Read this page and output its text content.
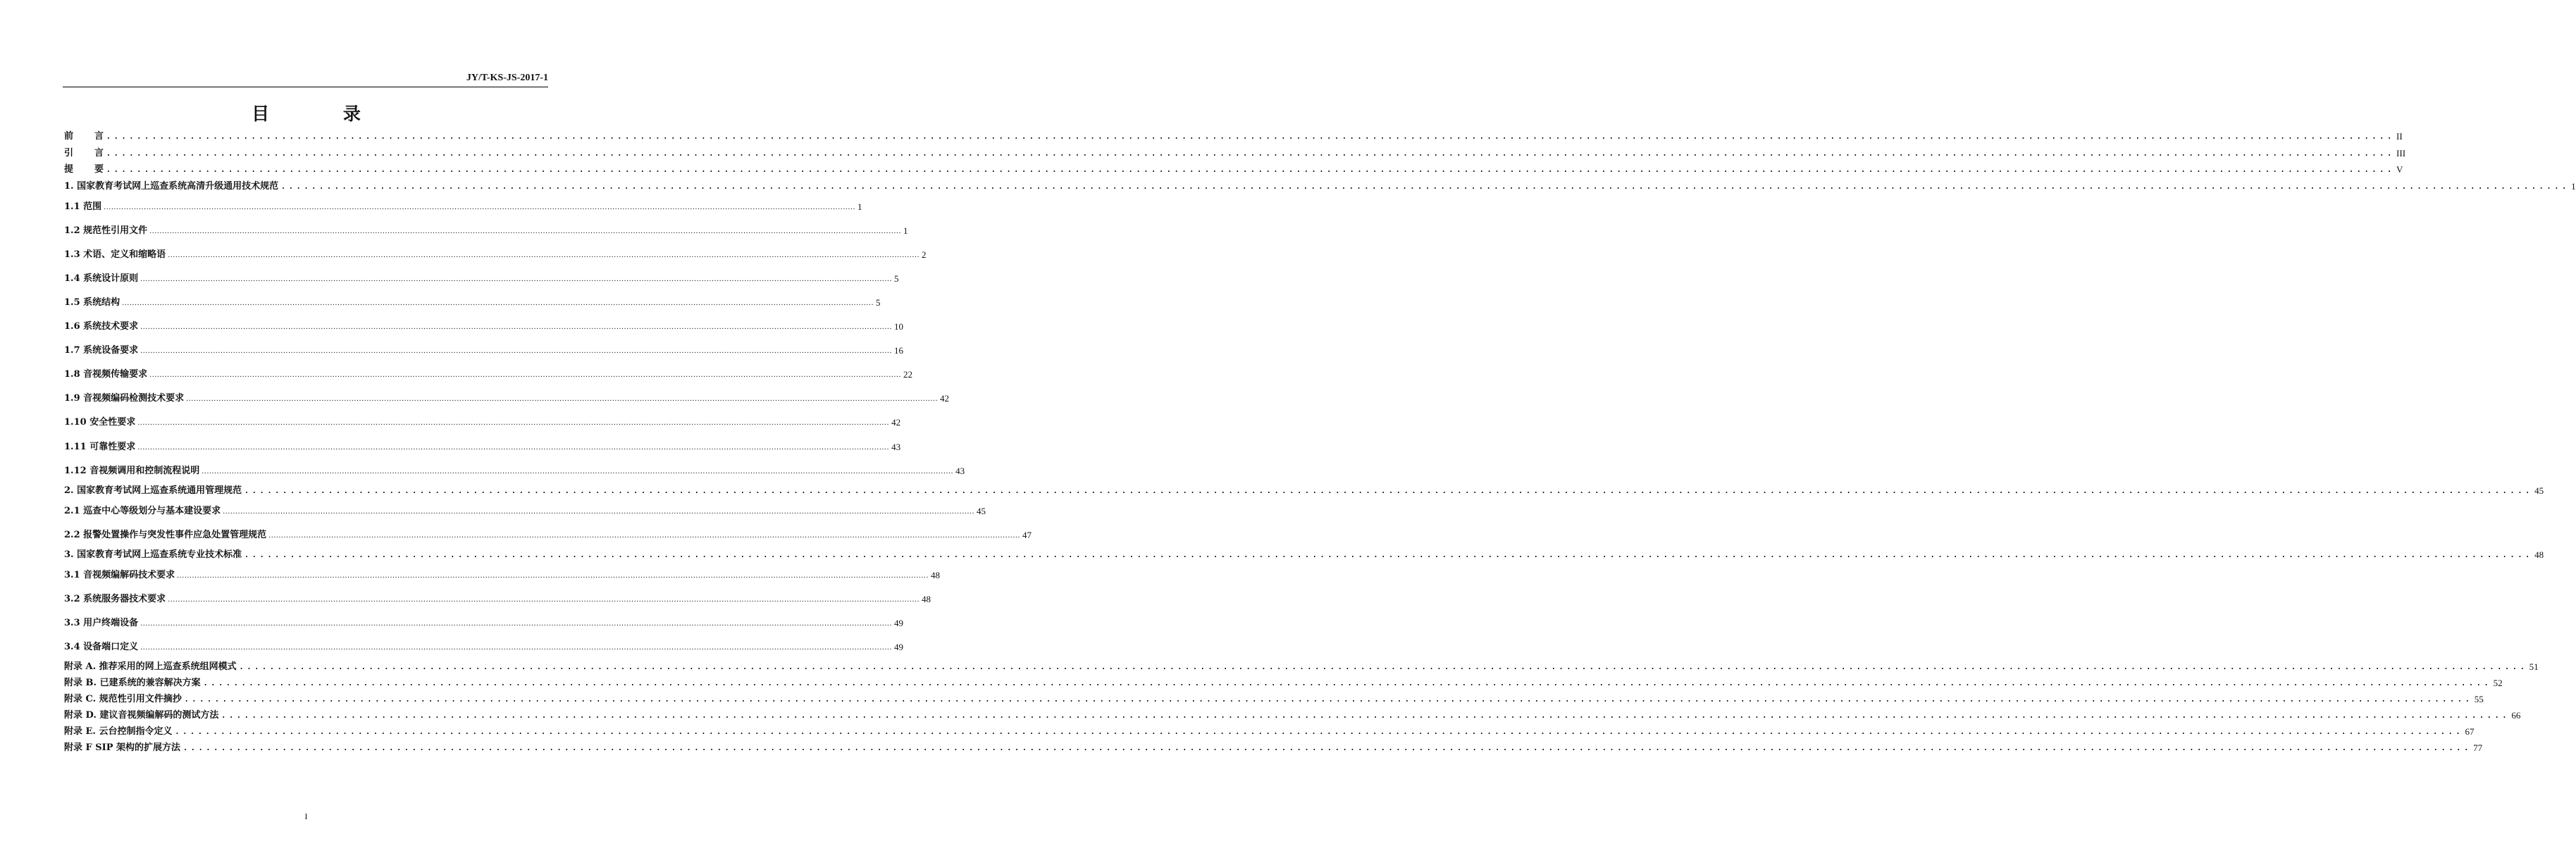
JY/T-KS-JS-2017-1
目 录
前 言 ............................................................................................................................................................................................................................................................................................................ II
引 言 ............................................................................................................................................................................................................................................................................................................ III
提 要 ............................................................................................................................................................................................................................................................................................................ V
1. 国家教育考试网上巡查系统高清升级通用技术规范 ............................................................................................................................................................................................................................................................................................................ 1
1.1 范围 ............................................................................................................................................................................................................................................................................................................ 1
1.2 规范性引用文件 ............................................................................................................................................................................................................................................................................................................ 1
1.3 术语、定义和缩略语 ............................................................................................................................................................................................................................................................................................................ 2
1.4 系统设计原则 ............................................................................................................................................................................................................................................................................................................ 5
1.5 系统结构 ............................................................................................................................................................................................................................................................................................................ 5
1.6 系统技术要求 ............................................................................................................................................................................................................................................................................................................ 10
1.7 系统设备要求 ............................................................................................................................................................................................................................................................................................................ 16
1.8 音视频传输要求 ............................................................................................................................................................................................................................................................................................................ 22
1.9 音视频编码检测技术要求 ............................................................................................................................................................................................................................................................................................................ 42
1.10 安全性要求 ............................................................................................................................................................................................................................................................................................................ 42
1.11 可靠性要求 ............................................................................................................................................................................................................................................................................................................ 43
1.12 音视频调用和控制流程说明 ............................................................................................................................................................................................................................................................................................................ 43
2. 国家教育考试网上巡查系统通用管理规范 ............................................................................................................................................................................................................................................................................................................ 45
2.1 巡查中心等级划分与基本建设要求 ............................................................................................................................................................................................................................................................................................................ 45
2.2 报警处置操作与突发性事件应急处置管理规范 ............................................................................................................................................................................................................................................................................................................ 47
3. 国家教育考试网上巡查系统专业技术标准 ............................................................................................................................................................................................................................................................................................................ 48
3.1 音视频编解码技术要求 ............................................................................................................................................................................................................................................................................................................ 48
3.2 系统服务器技术要求 ............................................................................................................................................................................................................................................................................................................ 48
3.3 用户终端设备 ............................................................................................................................................................................................................................................................................................................ 49
3.4 设备端口定义 ............................................................................................................................................................................................................................................................................................................ 49
附录 A. 推荐采用的网上巡查系统组网模式 ............................................................................................................................................................................................................................................................................................................ 51
附录 B. 已建系统的兼容解决方案 ............................................................................................................................................................................................................................................................................................................ 52
附录 C. 规范性引用文件摘抄 ............................................................................................................................................................................................................................................................................................................ 55
附录 D. 建议音视频编解码的测试方法 ............................................................................................................................................................................................................................................................................................................ 66
附录 E. 云台控制指令定义 ............................................................................................................................................................................................................................................................................................................ 67
附录 F SIP 架构的扩展方法 ............................................................................................................................................................................................................................................................................................................ 77
I
